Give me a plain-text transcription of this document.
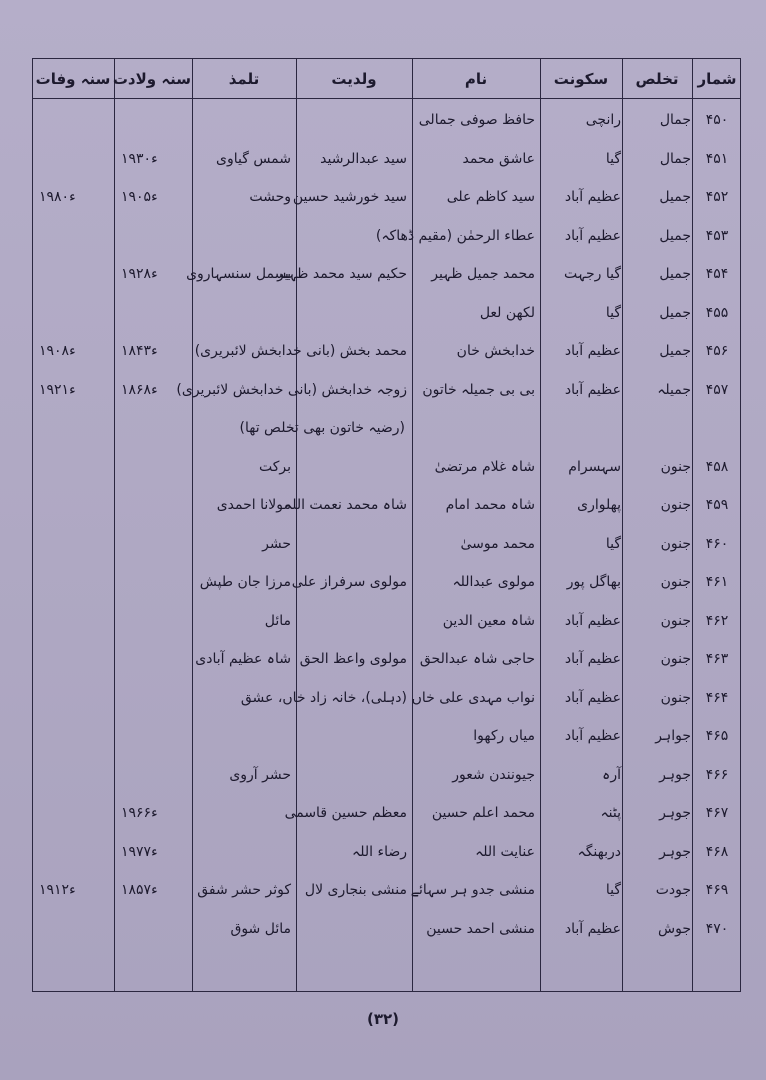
شمار
تخلص
سکونت
نام
ولدیت
تلمذ
سنہ ولادت
سنہ وفات
۴۵۰
جمال
رانچی
حافظ صوفی جمالی
۴۵۱
جمال
گیا
عاشق محمد
سید عبدالرشید
شمس گیاوی
۱۹۳۰ء
۴۵۲
جمیل
عظیم آباد
سید کاظم علی
سید خورشید حسین
وحشت
۱۹۰۵ء
۱۹۸۰ء
۴۵۳
جمیل
عظیم آباد
عطاء الرحمٰن (مقیم ڈھاکہ)
۴۵۴
جمیل
گیا رجہت
محمد جمیل ظہیر
حکیم سید محمد ظہیر
بسمل سنسہاروی
۱۹۲۸ء
۴۵۵
جمیل
گیا
لکھن لعل
۴۵۶
جمیل
عظیم آباد
خدابخش خان
محمد بخش (بانی خدابخش لائبریری)
۱۸۴۳ء
۱۹۰۸ء
۴۵۷
جمیلہ
عظیم آباد
بی بی جمیلہ خاتون
زوجہ خدابخش (بانی خدابخش لائبریری)
۱۸۶۸ء
۱۹۲۱ء
(رضیہ خاتون بھی تخلص تھا)
۴۵۸
جنون
سہسرام
شاہ غلام مرتضیٰ
برکت
۴۵۹
جنون
پھلواری
شاہ محمد امام
شاہ محمد نعمت اللہ
مولانا احمدی
۴۶۰
جنون
گیا
محمد موسیٰ
حشر
۴۶۱
جنون
بھاگل پور
مولوی عبداللہ
مولوی سرفراز علی
مرزا جان طپش
۴۶۲
جنون
عظیم آباد
شاہ معین الدین
مائل
۴۶۳
جنون
عظیم آباد
حاجی شاہ عبدالحق
مولوی واعظ الحق
شاہ عظیم آبادی
۴۶۴
جنون
عظیم آباد
نواب مہدی علی خاں
(دہلی)، خانہ زاد خاں، عشق
۴۶۵
جواہر
عظیم آباد
میاں رکھوا
۴۶۶
جوہر
آرہ
جیونندن شعور
حشر آروی
۴۶۷
جوہر
پٹنہ
محمد اعلم حسین
معظم حسین قاسمی
۱۹۶۶ء
۴۶۸
جوہر
دربھنگہ
عنایت اللہ
رضاء اللہ
۱۹۷۷ء
۴۶۹
جودت
گیا
منشی جدو ہر سہائے
منشی بنجاری لال
کوثر حشر شفق
۱۸۵۷ء
۱۹۱۲ء
۴۷۰
جوش
عظیم آباد
منشی احمد حسین
مائل شوق
(۳۲)
